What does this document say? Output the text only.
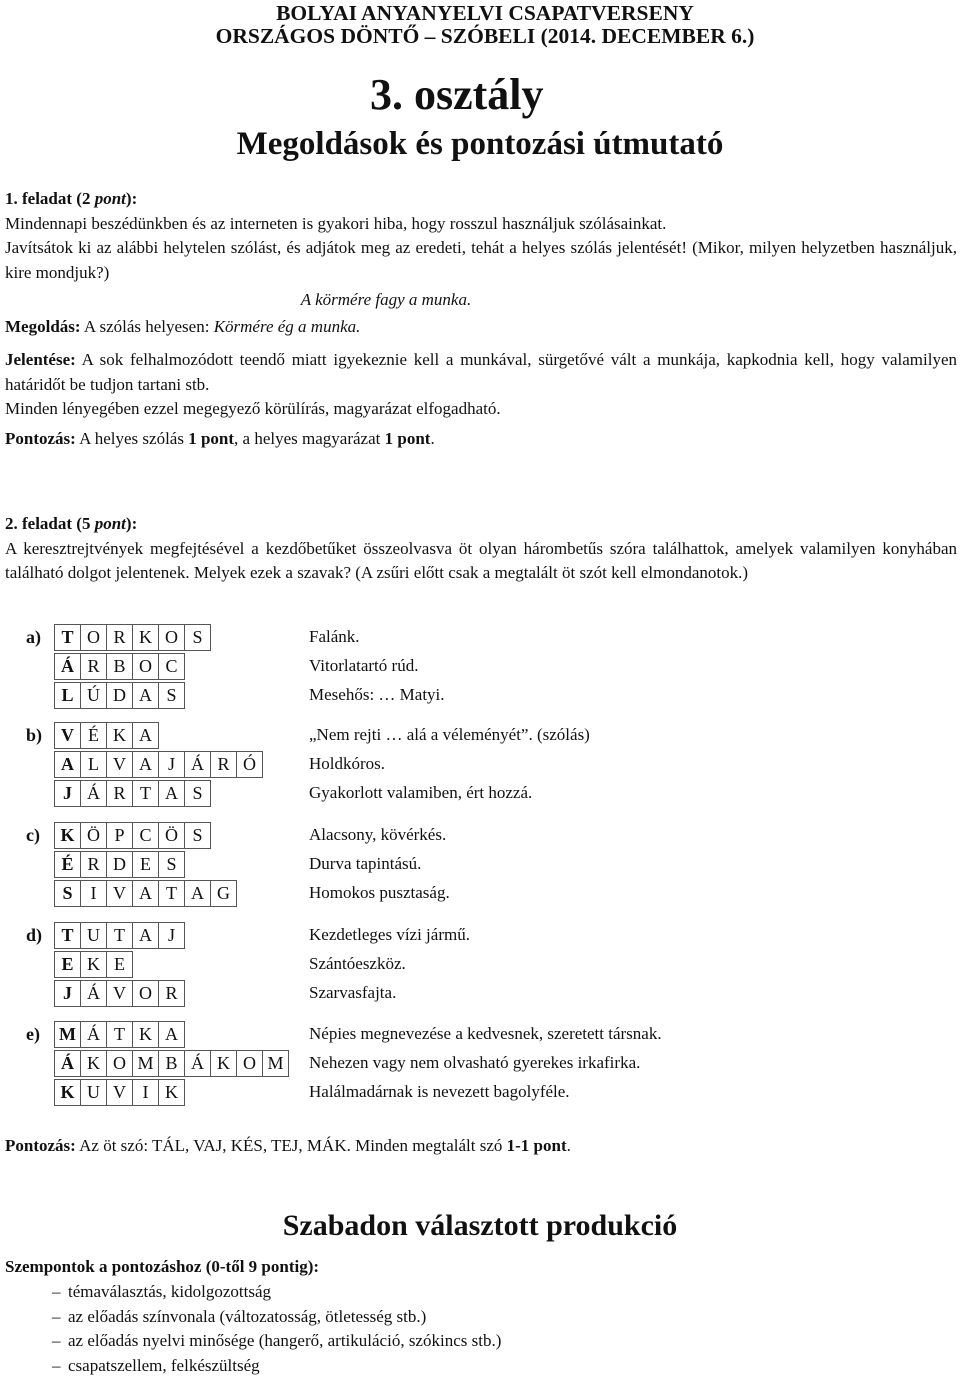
BOLYAI ANYANYELVI CSAPATVERSENY
ORSZÁGOS DÖNTŐ – SZÓBELI (2014. DECEMBER 6.)
3. osztály
Megoldások és pontozási útmutató
1. feladat (2 pont):
Mindennapi beszédünkben és az interneten is gyakori hiba, hogy rosszul használjuk szólásainkat.
Javítsátok ki az alábbi helytelen szólást, és adjátok meg az eredeti, tehát a helyes szólás jelentését! (Mikor, milyen helyzetben használjuk, kire mondjuk?)
A körmére fagy a munka.
Megoldás: A szólás helyesen: Körmére ég a munka.
Jelentése: A sok felhalmozódott teendő miatt igyekeznie kell a munkával, sürgetővé vált a munkája, kapkodnia kell, hogy valamilyen határidőt be tudjon tartani stb.
Minden lényegében ezzel megegyező körülírás, magyarázat elfogadható.
Pontozás: A helyes szólás 1 pont, a helyes magyarázat 1 pont.
2. feladat (5 pont):
A keresztrejtvények megfejtésével a kezdőbetűket összeolvasva öt olyan hárombetűs szóra találhattok, amelyek valamilyen konyhában található dolgot jelentenek. Melyek ezek a szavak? (A zsűri előtt csak a megtalált öt szót kell elmondanotok.)
a) T	O	R	K	O	S	Falánk.
Á	R	B	O	C	Vitorlatartó rúd.
L	Ú	D	A	S	Mesehős: … Matyi.
b) V	É	K	A	„Nem rejti … alá a véleményét”. (szólás)
A	L	V	A	J	Á	R	Ó	Holdkóros.
J	Á	R	T	A	S	Gyakorlott valamiben, ért hozzá.
c) K	Ö	P	C	Ö	S	Alacsony, kövérkés.
É	R	D	E	S	Durva tapintású.
S	I	V	A	T	A	G	Homokos pusztaság.
d) T	U	T	A	J	Kezdetleges vízi jármű.
E	K	E	Szántóeszköz.
J	Á	V	O	R	Szarvasfajta.
e) M	Á	T	K	A	Népies megnevezése a kedvesnek, szeretett társnak.
Á	K	O	M	B	Á	K	O	M Nehezen vagy nem olvasható gyerekes irkafirka.
K	U	V	I	K	Halálmadárnak is nevezett bagolyféle.
Pontozás: Az öt szó: TÁL, VAJ, KÉS, TEJ, MÁK. Minden megtalált szó 1-1 pont.
Szabadon választott produkció
Szempontok a pontozáshoz (0-től 9 pontig):
– témaválasztás, kidolgozottság
– az előadás színvonala (változatosság, ötletesség stb.)
– az előadás nyelvi minősége (hangerő, artikuláció, szókincs stb.)
– csapatszellem, felkészültség
